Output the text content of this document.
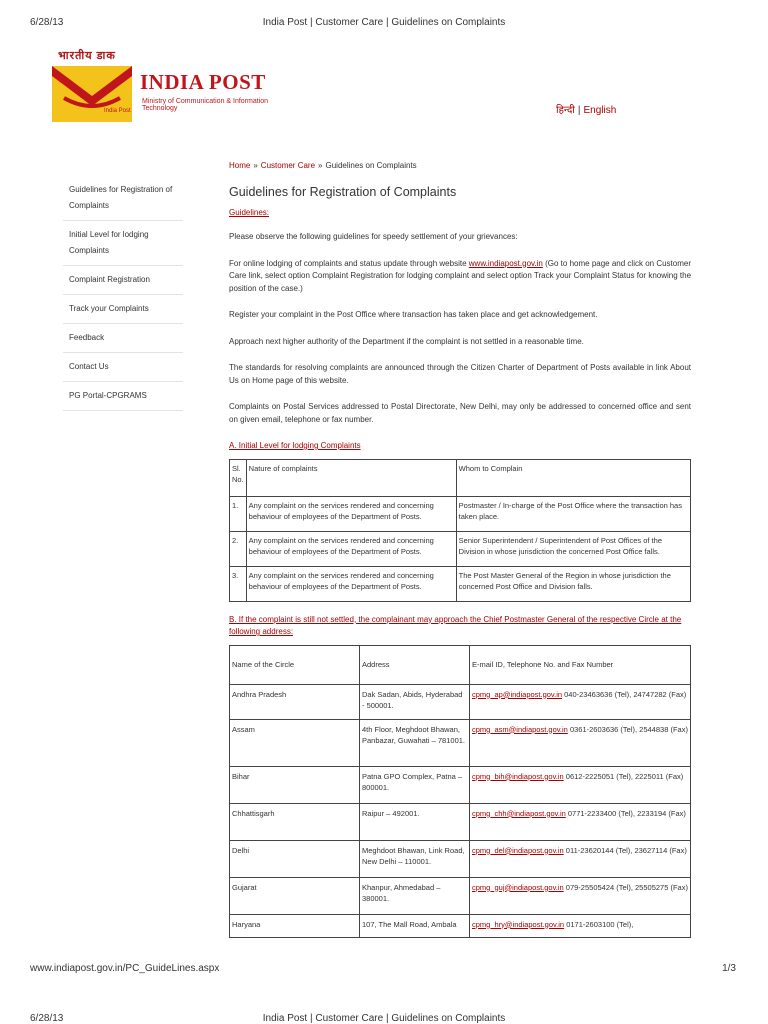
6/28/13	India Post | Customer Care | Guidelines on Complaints
भारतीय डाक
INDIA POST
Ministry of Communication & Information Technology
India Post	हिन्दी | English
Home » Customer Care » Guidelines on Complaints
Guidelines for Registration of Complaints
Initial Level for lodging Complaints
Complaint Registration
Track your Complaints
Feedback
Contact Us
PG Portal-CPGRAMS
Guidelines for Registration of Complaints

Guidelines:

Please observe the following guidelines for speedy settlement of your grievances:

For online lodging of complaints and status update through website www.indiapost.gov.in (Go to home page and click on Customer Care link, select option Complaint Registration for lodging complaint and select option Track your Complaint Status for knowing the position of the case.)

Register your complaint in the Post Office where transaction has taken place and get acknowledgement.

Approach next higher authority of the Department if the complaint is not settled in a reasonable time.

The standards for resolving complaints are announced through the Citizen Charter of Department of Posts available in link About Us on Home page of this website.

Complaints on Postal Services addressed to Postal Directorate, New Delhi, may only be addressed to concerned office and sent on given email, telephone or fax number.

A. Initial Level for lodging Complaints
Sl. No.	Nature of complaints	Whom to Complain
1.	Any complaint on the services rendered and concerning behaviour of employees of the Department of Posts.	Postmaster / In-charge of the Post Office where the transaction has taken place.
2.	Any complaint on the services rendered and concerning behaviour of employees of the Department of Posts.	Senior Superintendent / Superintendent of Post Offices of the Division in whose jurisdiction the concerned Post Office falls.
3.	Any complaint on the services rendered and concerning behaviour of employees of the Department of Posts.	The Post Master General of the Region in whose jurisdiction the concerned Post Office and Division falls.
B. If the complaint is still not settled, the complainant may approach the Chief Postmaster General of the respective Circle at the following address:
Name of the Circle	Address	E-mail ID, Telephone No. and Fax Number
Andhra Pradesh	Dak Sadan, Abids, Hyderabad - 500001.	cpmg_ap@indiapost.gov.in 040-23463636 (Tel), 24747282 (Fax)
Assam	4th Floor, Meghdoot Bhawan, Panbazar, Guwahati – 781001.	cpmg_asm@indiapost.gov.in 0361-2603636 (Tel), 2544838 (Fax)
Bihar	Patna GPO Complex, Patna – 800001.	cpmg_bih@indiapost.gov.in 0612-2225051 (Tel), 2225011 (Fax)
Chhattisgarh	Raipur – 492001.	cpmg_chh@indiapost.gov.in 0771-2233400 (Tel), 2233194 (Fax)
Delhi	Meghdoot Bhawan, Link Road, New Delhi – 110001.	cpmg_del@indiapost.gov.in 011-23620144 (Tel), 23627114 (Fax)
Gujarat	Khanpur, Ahmedabad – 380001.	cpmg_guj@indiapost.gov.in 079-25505424 (Tel), 25505275 (Fax)
Haryana	107, The Mall Road, Ambala	cpmg_hry@indiapost.gov.in 0171-2603100 (Tel),
www.indiapost.gov.in/PC_GuideLines.aspx	1/3
6/28/13	India Post | Customer Care | Guidelines on Complaints
